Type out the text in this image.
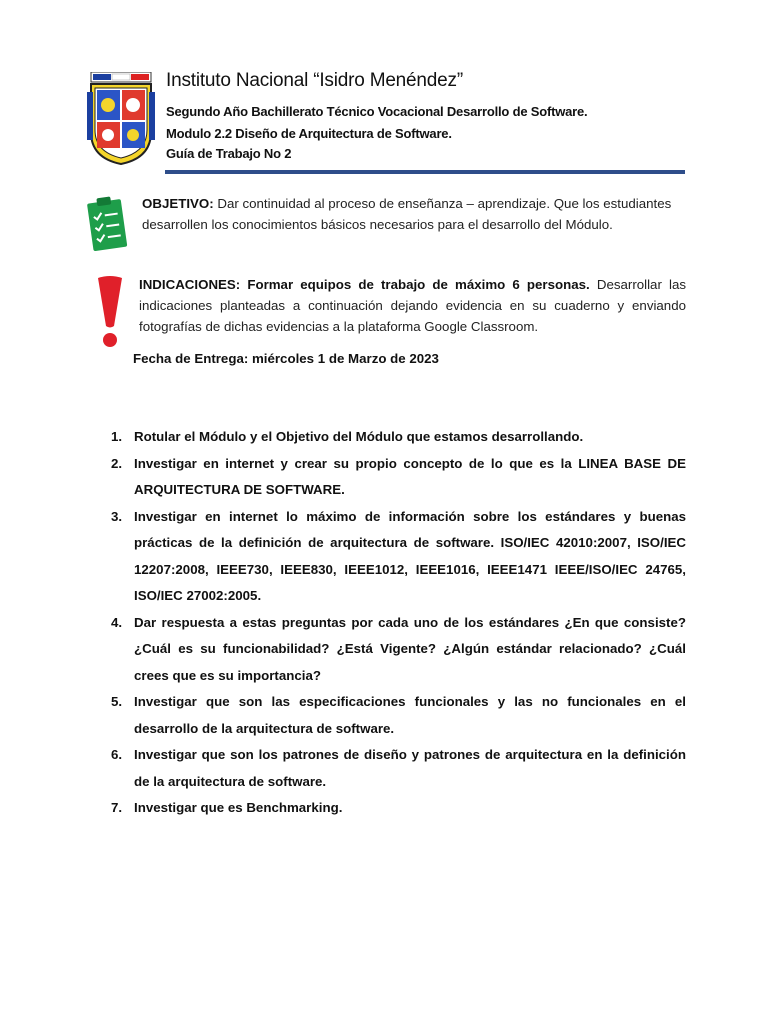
Instituto Nacional “Isidro Menéndez”
Segundo Año Bachillerato Técnico Vocacional Desarrollo de Software.
Modulo 2.2 Diseño de Arquitectura de Software.
Guía de Trabajo No 2
OBJETIVO: Dar continuidad al proceso de enseñanza – aprendizaje. Que los estudiantes desarrollen los conocimientos básicos necesarios para el desarrollo del Módulo.
INDICACIONES: Formar equipos de trabajo de máximo 6 personas. Desarrollar las indicaciones planteadas a continuación dejando evidencia en su cuaderno y enviando fotografías de dichas evidencias a la plataforma Google Classroom.
Fecha de Entrega: miércoles 1 de Marzo de 2023
1. Rotular el Módulo y el Objetivo del Módulo que estamos desarrollando.
2. Investigar en internet y crear su propio concepto de lo que es la LINEA BASE DE ARQUITECTURA DE SOFTWARE.
3. Investigar en internet lo máximo de información sobre los estándares y buenas prácticas de la definición de arquitectura de software. ISO/IEC 42010:2007, ISO/IEC 12207:2008, IEEE730, IEEE830, IEEE1012, IEEE1016, IEEE1471 IEEE/ISO/IEC 24765, ISO/IEC 27002:2005.
4. Dar respuesta a estas preguntas por cada uno de los estándares ¿En que consiste? ¿Cuál es su funcionabilidad? ¿Está Vigente? ¿Algún estándar relacionado? ¿Cuál crees que es su importancia?
5. Investigar que son las especificaciones funcionales y las no funcionales en el desarrollo de la arquitectura de software.
6. Investigar que son los patrones de diseño y patrones de arquitectura en la definición de la arquitectura de software.
7. Investigar que es Benchmarking.
